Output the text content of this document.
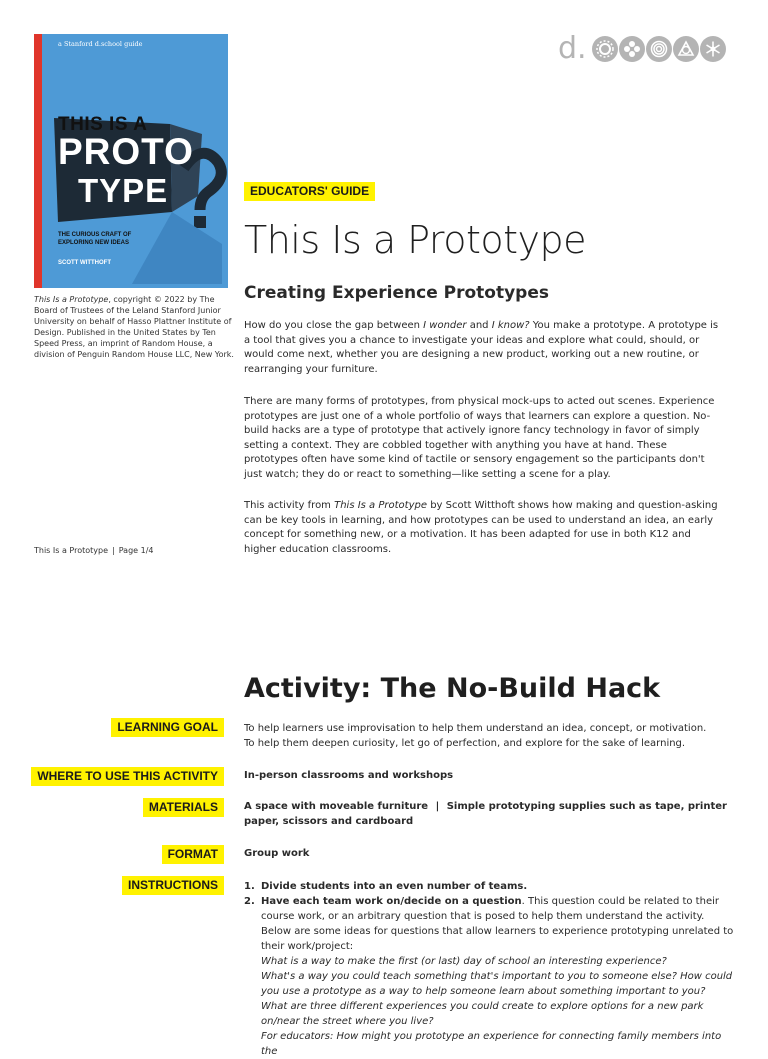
a Stanford d.school guide
THIS IS A
PROTO
TYPE
THE CURIOUS CRAFT OF EXPLORING NEW IDEAS
SCOTT WITTHOFT
This Is a Prototype, copyright © 2022 by The Board of Trustees of the Leland Stanford Junior University on behalf of Hasso Plattner Institute of Design. Published in the United States by Ten Speed Press, an imprint of Random House, a division of Penguin Random House LLC, New York.
This Is a Prototype | Page 1/4
d.
EDUCATORS' GUIDE
This Is a Prototype
Creating Experience Prototypes

How do you close the gap between I wonder and I know? You make a prototype. A prototype is a tool that gives you a chance to investigate your ideas and explore what could, should, or would come next, whether you are designing a new product, working out a new routine, or rearranging your furniture.

There are many forms of prototypes, from physical mock-ups to acted out scenes. Experience prototypes are just one of a whole portfolio of ways that learners can explore a question. No-build hacks are a type of prototype that actively ignore fancy technology in favor of simply setting a context. They are cobbled together with anything you have at hand. These prototypes often have some kind of tactile or sensory engagement so the participants don't just watch; they do or react to something—like setting a scene for a play.

This activity from This Is a Prototype by Scott Witthoft shows how making and question-asking can be key tools in learning, and how prototypes can be used to understand an idea, an early concept for something new, or a motivation. It has been adapted for use in both K12 and higher education classrooms.

Activity: The No-Build Hack
LEARNING GOAL	To help learners use improvisation to help them understand an idea, concept, or motivation.
To help them deepen curiosity, let go of perfection, and explore for the sake of learning.
WHERE TO USE THIS ACTIVITY	In-person classrooms and workshops
MATERIALS	A space with moveable furniture | Simple prototyping supplies such as tape, printer paper, scissors and cardboard
FORMAT	Group work
INSTRUCTIONS	1. Divide students into an even number of teams.
2. Have each team work on/decide on a question. This question could be related to their course work, or an arbitrary question that is posed to help them understand the activity. Below are some ideas for questions that allow learners to experience prototyping unrelated to their work/project:
What is a way to make the first (or last) day of school an interesting experience?
What's a way you could teach something that's important to you to someone else? How could you use a prototype as a way to help someone learn about something important to you?
What are three different experiences you could create to explore options for a new park on/near the street where you live?
For educators: How might you prototype an experience for connecting family members into the
